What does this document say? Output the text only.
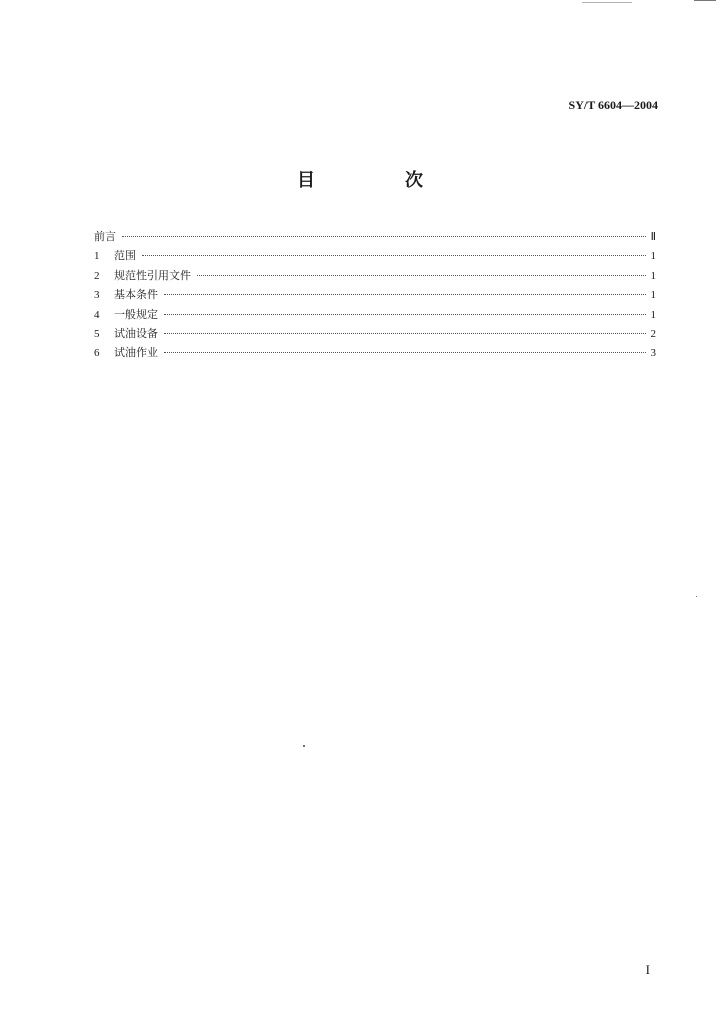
SY/T 6604—2004
目　次
前言	Ⅱ
1	范围	1
2	规范性引用文件	1
3	基本条件	1
4	一般规定	1
5	试油设备	2
6	试油作业	3
I
